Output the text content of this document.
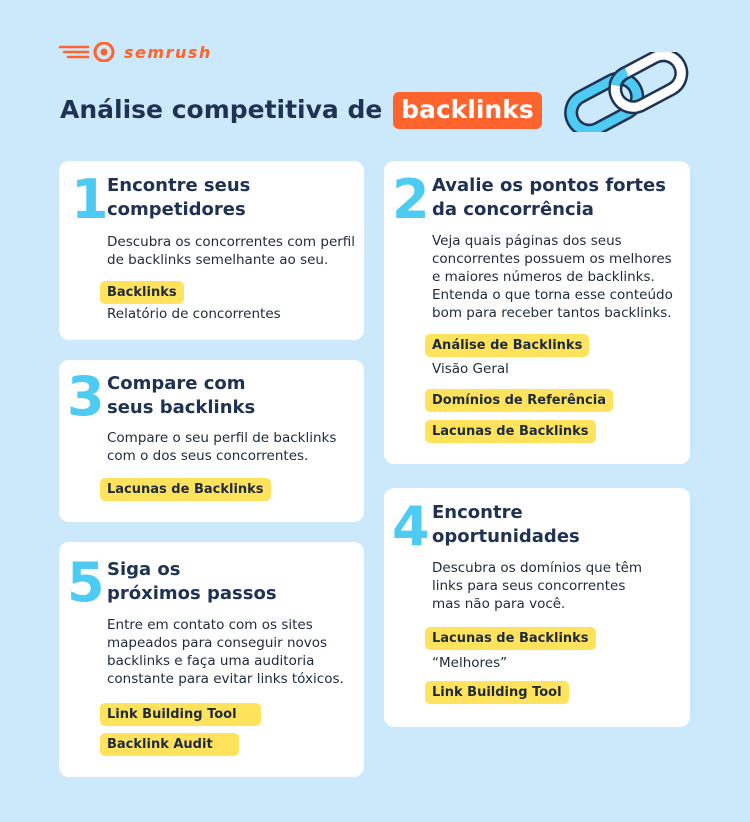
semrush
Análise competitiva de backlinks
1
Encontre seus
competidores
Descubra os concorrentes com perfil
de backlinks semelhante ao seu.
Backlinks
Relatório de concorrentes
3 Compare com
seus backlinks
Compare o seu perfil de backlinks
com o dos seus concorrentes.
Lacunas de Backlinks
5 Siga os
próximos passos
Entre em contato com os sites
mapeados para conseguir novos
backlinks e faça uma auditoria
constante para evitar links tóxicos.
Link Building Tool
Backlink Audit
2 Avalie os pontos fortes
da concorrência
Veja quais páginas dos seus
concorrentes possuem os melhores
e maiores números de backlinks.
Entenda o que torna esse conteúdo
bom para receber tantos backlinks.
Análise de Backlinks
Visão Geral
Domínios de Referência
Lacunas de Backlinks
4 Encontre
oportunidades
Descubra os domínios que têm
links para seus concorrentes
mas não para você.
Lacunas de Backlinks
“Melhores”
Link Building Tool
